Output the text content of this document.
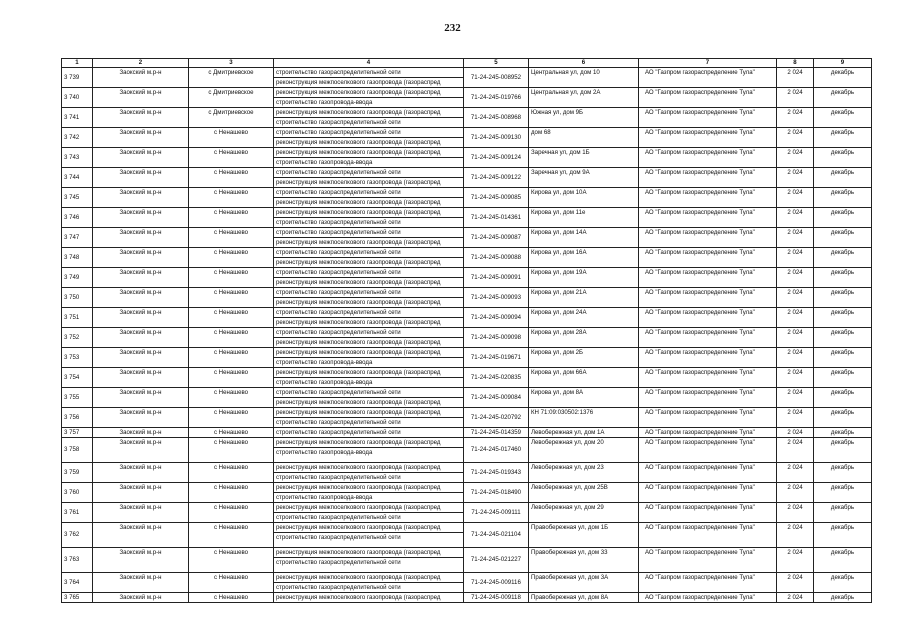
232
1	2	3	4	5	6	7	8	9
3 739	Заокский м.р-н	с Дмитриевское	строительство газораспределительной сети
реконструкция межпоселкового газопровода (газораспред	71-24-245-008952	Центральная ул, дом 10	АО "Газпром газораспределение Тула"	2 024	декабрь
3 740	Заокский м.р-н	с Дмитриевское	реконструкция межпоселкового газопровода (газораспред
строительство газопровода-ввода	71-24-245-019766	Центральная ул, дом 2А	АО "Газпром газораспределение Тула"	2 024	декабрь
3 741	Заокский м.р-н	с Дмитриевское	реконструкция межпоселкового газопровода (газораспред
строительство газораспределительной сети	71-24-245-008968	Южная ул, дом 9Б	АО "Газпром газораспределение Тула"	2 024	декабрь
3 742	Заокский м.р-н	с Ненашево	строительство газораспределительной сети
реконструкция межпоселкового газопровода (газораспред	71-24-245-009130	дом 68	АО "Газпром газораспределение Тула"	2 024	декабрь
3 743	Заокский м.р-н	с Ненашево	реконструкция межпоселкового газопровода (газораспред
строительство газопровода-ввода	71-24-245-009124	Заречная ул, дом 1Б	АО "Газпром газораспределение Тула"	2 024	декабрь
3 744	Заокский м.р-н	с Ненашево	строительство газораспределительной сети
реконструкция межпоселкового газопровода (газораспред	71-24-245-009122	Заречная ул, дом 9А	АО "Газпром газораспределение Тула"	2 024	декабрь
3 745	Заокский м.р-н	с Ненашево	строительство газораспределительной сети
реконструкция межпоселкового газопровода (газораспред	71-24-245-009085	Кирова ул, дом 10А	АО "Газпром газораспределение Тула"	2 024	декабрь
3 746	Заокский м.р-н	с Ненашево	реконструкция межпоселкового газопровода (газораспред
строительство газораспределительной сети	71-24-245-014361	Кирова ул, дом 11е	АО "Газпром газораспределение Тула"	2 024	декабрь
3 747	Заокский м.р-н	с Ненашево	строительство газораспределительной сети
реконструкция межпоселкового газопровода (газораспред	71-24-245-009087	Кирова ул, дом 14А	АО "Газпром газораспределение Тула"	2 024	декабрь
3 748	Заокский м.р-н	с Ненашево	строительство газораспределительной сети
реконструкция межпоселкового газопровода (газораспред	71-24-245-009088	Кирова ул, дом 16А	АО "Газпром газораспределение Тула"	2 024	декабрь
3 749	Заокский м.р-н	с Ненашево	строительство газораспределительной сети
реконструкция межпоселкового газопровода (газораспред	71-24-245-009091	Кирова ул, дом 19А	АО "Газпром газораспределение Тула"	2 024	декабрь
3 750	Заокский м.р-н	с Ненашево	строительство газораспределительной сети
реконструкция межпоселкового газопровода (газораспред	71-24-245-009093	Кирова ул, дом 21А	АО "Газпром газораспределение Тула"	2 024	декабрь
3 751	Заокский м.р-н	с Ненашево	строительство газораспределительной сети
реконструкция межпоселкового газопровода (газораспред	71-24-245-009094	Кирова ул, дом 24А	АО "Газпром газораспределение Тула"	2 024	декабрь
3 752	Заокский м.р-н	с Ненашево	строительство газораспределительной сети
реконструкция межпоселкового газопровода (газораспред	71-24-245-009098	Кирова ул, дом 28А	АО "Газпром газораспределение Тула"	2 024	декабрь
3 753	Заокский м.р-н	с Ненашево	реконструкция межпоселкового газопровода (газораспред
строительство газопровода-ввода	71-24-245-019671	Кирова ул, дом 2Б	АО "Газпром газораспределение Тула"	2 024	декабрь
3 754	Заокский м.р-н	с Ненашево	реконструкция межпоселкового газопровода (газораспред
строительство газопровода-ввода	71-24-245-020835	Кирова ул, дом 66А	АО "Газпром газораспределение Тула"	2 024	декабрь
3 755	Заокский м.р-н	с Ненашево	строительство газораспределительной сети
реконструкция межпоселкового газопровода (газораспред	71-24-245-009084	Кирова ул, дом 8А	АО "Газпром газораспределение Тула"	2 024	декабрь
3 756	Заокский м.р-н	с Ненашево	реконструкция межпоселкового газопровода (газораспред
строительство газораспределительной сети	71-24-245-020792	КН 71:09:030502:1376	АО "Газпром газораспределение Тула"	2 024	декабрь
3 757	Заокский м.р-н	с Ненашево	строительство газораспределительной сети	71-24-245-014359	Левобережная ул, дом 1А	АО "Газпром газораспределение Тула"	2 024	декабрь
3 758	Заокский м.р-н	с Ненашево	реконструкция межпоселкового газопровода (газораспред
строительство газопровода-ввода	71-24-245-017460	Левобережная ул, дом 20	АО "Газпром газораспределение Тула"	2 024	декабрь
3 759	Заокский м.р-н	с Ненашево	реконструкция межпоселкового газопровода (газораспред
строительство газораспределительной сети	71-24-245-019343	Левобережная ул, дом 23	АО "Газпром газораспределение Тула"	2 024	декабрь
3 760	Заокский м.р-н	с Ненашево	реконструкция межпоселкового газопровода (газораспред
строительство газопровода-ввода	71-24-245-018490	Левобережная ул, дом 25В	АО "Газпром газораспределение Тула"	2 024	декабрь
3 761	Заокский м.р-н	с Ненашево	реконструкция межпоселкового газопровода (газораспред
строительство газораспределительной сети	71-24-245-009111	Левобережная ул, дом 29	АО "Газпром газораспределение Тула"	2 024	декабрь
3 762	Заокский м.р-н	с Ненашево	реконструкция межпоселкового газопровода (газораспред
строительство газораспределительной сети	71-24-245-021104	Правобережная ул, дом 1Б	АО "Газпром газораспределение Тула"	2 024	декабрь
3 763	Заокский м.р-н	с Ненашево	реконструкция межпоселкового газопровода (газораспред
строительство газораспределительной сети	71-24-245-021227	Правобережная ул, дом 33	АО "Газпром газораспределение Тула"	2 024	декабрь
3 764	Заокский м.р-н	с Ненашево	реконструкция межпоселкового газопровода (газораспред
строительство газораспределительной сети	71-24-245-009116	Правобережная ул, дом 3А	АО "Газпром газораспределение Тула"	2 024	декабрь
3 765	Заокский м.р-н	с Ненашево	реконструкция межпоселкового газопровода (газораспред	71-24-245-009118	Правобережная ул, дом 8А	АО "Газпром газораспределение Тула"	2 024	декабрь
